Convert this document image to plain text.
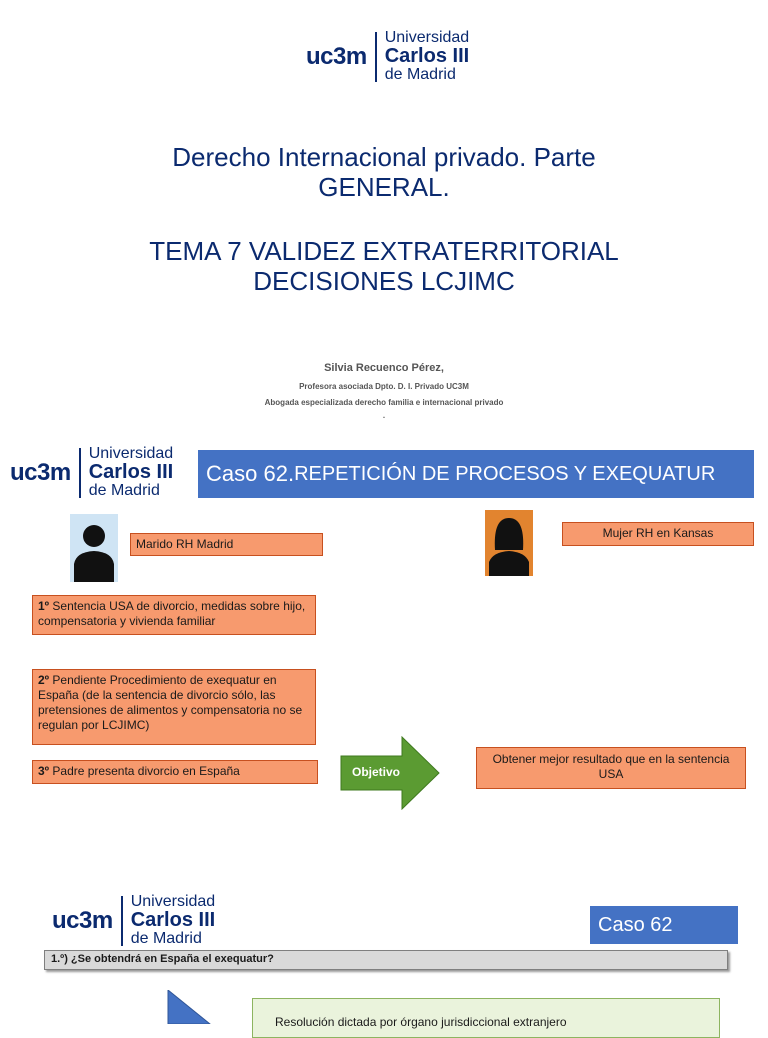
uc3m
Universidad
Carlos III
de Madrid
Derecho Internacional privado. Parte
GENERAL.
TEMA 7 VALIDEZ EXTRATERRITORIAL
DECISIONES LCJIMC
Silvia Recuenco Pérez,
Profesora asociada Dpto. D. I. Privado UC3M
Abogada especializada derecho familia e internacional privado
.
uc3m
Universidad
Carlos III
de Madrid
Caso 62. REPETICIÓN DE PROCESOS Y EXEQUATUR
Marido RH Madrid
Mujer RH en Kansas
1º Sentencia USA de divorcio, medidas sobre hijo, compensatoria y vivienda familiar
2º Pendiente Procedimiento de exequatur en España (de la sentencia de divorcio sólo, las pretensiones de alimentos y compensatoria no se regulan por LCJIMC)
3º Padre presenta divorcio en España	Objetivo
Obtener mejor resultado que en la sentencia USA
uc3m
Universidad
Carlos III
de Madrid
Caso 62
1.º) ¿Se obtendrá en España el exequatur?
Resolución dictada por órgano jurisdiccional extranjero
